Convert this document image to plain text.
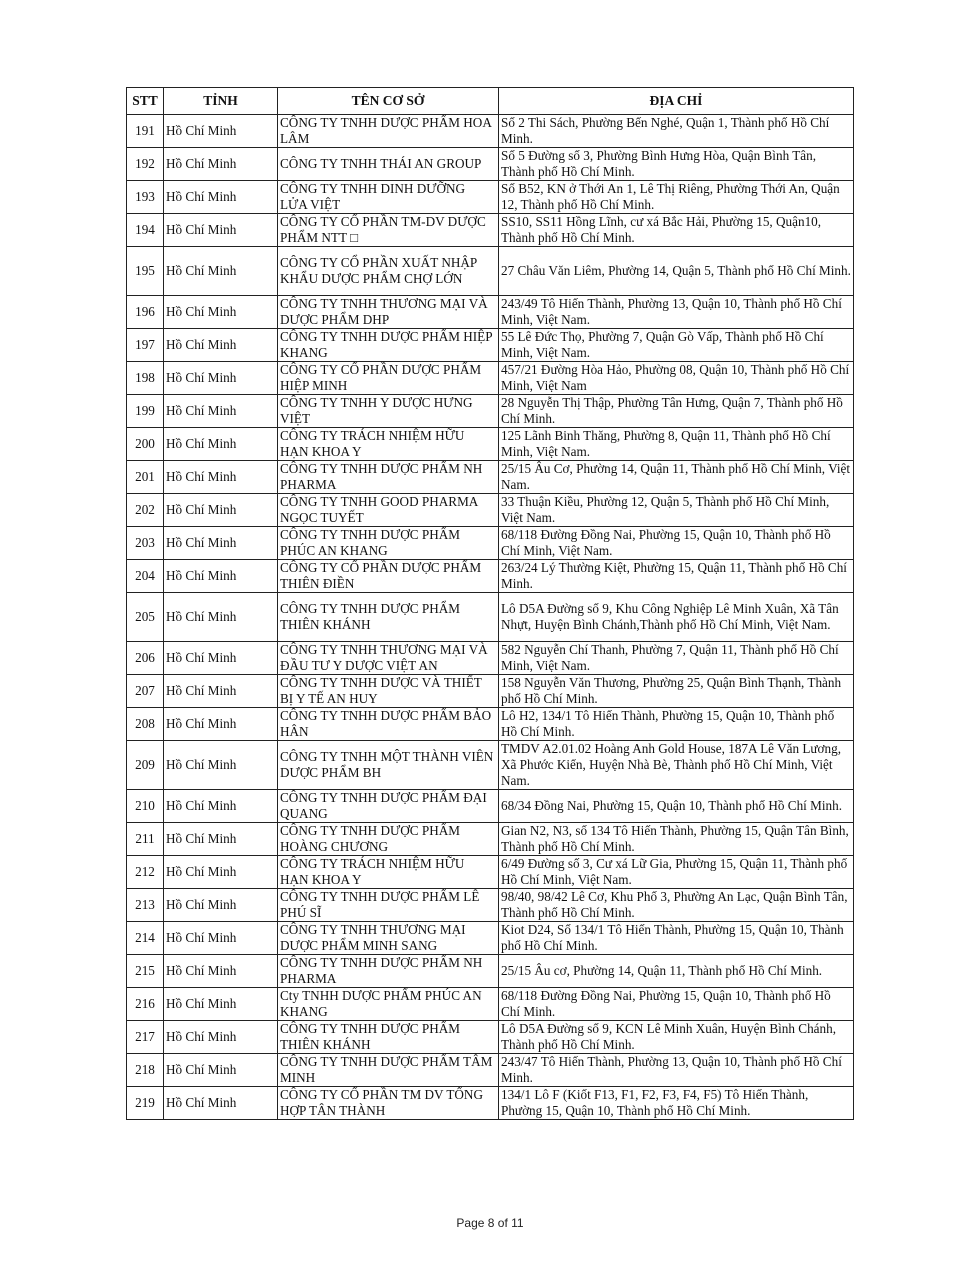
STT	TỈNH	TÊN CƠ SỞ	ĐỊA CHỈ
191	Hồ Chí Minh	CÔNG TY TNHH DƯỢC PHẨM HOA LÂM	Số 2 Thi Sách, Phường Bến Nghé, Quận 1, Thành phố Hồ Chí Minh.
192	Hồ Chí Minh	CÔNG TY TNHH THÁI AN GROUP	Số 5 Đường số 3, Phường Bình Hưng Hòa, Quận Bình Tân, Thành phố Hồ Chí Minh.
193	Hồ Chí Minh	CÔNG TY TNHH DINH DƯỠNG LỬA VIỆT	Số B52, KN ở Thới An 1, Lê Thị Riêng, Phường Thới An, Quận 12, Thành phố Hồ Chí Minh.
194	Hồ Chí Minh	CÔNG TY CỔ PHẦN TM-DV DƯỢC PHẨM NTT □	SS10, SS11 Hồng Lĩnh, cư xá Bắc Hải, Phường 15, Quận10, Thành phố Hồ Chí Minh.
195	Hồ Chí Minh	CÔNG TY CỔ PHẦN XUẤT NHẬP KHẨU DƯỢC PHẨM CHỢ LỚN	27 Châu Văn Liêm, Phường 14, Quận 5, Thành phố Hồ Chí Minh.
196	Hồ Chí Minh	CÔNG TY TNHH THƯƠNG MẠI VÀ DƯỢC PHẨM DHP	243/49 Tô Hiến Thành, Phường 13, Quận 10, Thành phố Hồ Chí Minh, Việt Nam.
197	Hồ Chí Minh	CÔNG TY TNHH DƯỢC PHẨM HIỆP KHANG	55 Lê Đức Thọ, Phường 7, Quận Gò Vấp, Thành phố Hồ Chí Minh, Việt Nam.
198	Hồ Chí Minh	CÔNG TY CỔ PHẦN DƯỢC PHẨM HIỆP MINH	457/21 Đường Hòa Hảo, Phường 08, Quận 10, Thành phố Hồ Chí Minh, Việt Nam
199	Hồ Chí Minh	CÔNG TY TNHH Y DƯỢC HƯNG VIỆT	28 Nguyễn Thị Thập, Phường Tân Hưng, Quận 7, Thành phố Hồ Chí Minh.
200	Hồ Chí Minh	CÔNG TY TRÁCH NHIỆM HỮU HẠN KHOA Y	125 Lãnh Binh Thăng, Phường 8, Quận 11, Thành phố Hồ Chí Minh, Việt Nam.
201	Hồ Chí Minh	CÔNG TY TNHH DƯỢC PHẨM NH PHARMA	25/15 Âu Cơ, Phường 14, Quận 11, Thành phố Hồ Chí Minh, Việt Nam.
202	Hồ Chí Minh	CÔNG TY TNHH GOOD PHARMA NGỌC TUYẾT	33 Thuận Kiều, Phường 12, Quận 5, Thành phố Hồ Chí Minh, Việt Nam.
203	Hồ Chí Minh	CÔNG TY TNHH DƯỢC PHẨM PHÚC AN KHANG	68/118 Đường Đồng Nai, Phường 15, Quận 10, Thành phố Hồ Chí Minh, Việt Nam.
204	Hồ Chí Minh	CÔNG TY CỔ PHẦN DƯỢC PHẨM THIÊN ĐIỀN	263/24 Lý Thường Kiệt, Phường 15, Quận 11, Thành phố Hồ Chí Minh.
205	Hồ Chí Minh	CÔNG TY TNHH DƯỢC PHẨM THIÊN KHÁNH	Lô D5A Đường số 9, Khu Công Nghiệp Lê Minh Xuân, Xã Tân Nhựt, Huyện Bình Chánh,Thành phố Hồ Chí Minh, Việt Nam.
206	Hồ Chí Minh	CÔNG TY TNHH THƯƠNG MẠI VÀ ĐẦU TƯ Y DƯỢC VIỆT AN	582 Nguyễn Chí Thanh, Phường 7, Quận 11, Thành phố Hồ Chí Minh, Việt Nam.
207	Hồ Chí Minh	CÔNG TY TNHH DƯỢC VÀ THIẾT BỊ Y TẾ AN HUY	158 Nguyễn Văn Thương, Phường 25, Quận Bình Thạnh, Thành phố Hồ Chí Minh.
208	Hồ Chí Minh	CÔNG TY TNHH DƯỢC PHẨM BẢO HÂN	Lô H2, 134/1 Tô Hiến Thành, Phường 15, Quận 10, Thành phố Hồ Chí Minh.
209	Hồ Chí Minh	CÔNG TY TNHH MỘT THÀNH VIÊN DƯỢC PHẨM BH	TMDV A2.01.02 Hoàng Anh Gold House, 187A Lê Văn Lương, Xã Phước Kiển, Huyện Nhà Bè, Thành phố Hồ Chí Minh, Việt Nam.
210	Hồ Chí Minh	CÔNG TY TNHH DƯỢC PHẨM ĐẠI QUANG	68/34 Đồng Nai, Phường 15, Quận 10, Thành phố Hồ Chí Minh.
211	Hồ Chí Minh	CÔNG TY TNHH DƯỢC PHẨM HOÀNG CHƯƠNG	Gian N2, N3, số 134 Tô Hiến Thành, Phường 15, Quận Tân Bình, Thành phố Hồ Chí Minh.
212	Hồ Chí Minh	CÔNG TY TRÁCH NHIỆM HỮU HẠN KHOA Y	6/49 Đường số 3, Cư xá Lữ Gia, Phường 15, Quận 11, Thành phố Hồ Chí Minh, Việt Nam.
213	Hồ Chí Minh	CÔNG TY TNHH DƯỢC PHẨM LÊ PHÚ SĨ	98/40, 98/42 Lê Cơ, Khu Phố 3, Phường An Lạc, Quận Bình Tân, Thành phố Hồ Chí Minh.
214	Hồ Chí Minh	CÔNG TY TNHH THƯƠNG MẠI DƯỢC PHẨM MINH SANG	Kiot D24, Số 134/1 Tô Hiến Thành, Phường 15, Quận 10, Thành phố Hồ Chí Minh.
215	Hồ Chí Minh	CÔNG TY TNHH DƯỢC PHẨM NH PHARMA	25/15 Âu cơ, Phường 14, Quận 11, Thành phố Hồ Chí Minh.
216	Hồ Chí Minh	Cty TNHH DƯỢC PHẨM PHÚC AN KHANG	68/118 Đường Đồng Nai, Phường 15, Quận 10, Thành phố Hồ Chí Minh.
217	Hồ Chí Minh	CÔNG TY TNHH DƯỢC PHẨM THIÊN KHÁNH	Lô D5A Đường số 9, KCN Lê Minh Xuân, Huyện Bình Chánh, Thành phố Hồ Chí Minh.
218	Hồ Chí Minh	CÔNG TY TNHH DƯỢC PHẨM TÂM MINH	243/47 Tô Hiến Thành, Phường 13, Quận 10, Thành phố Hồ Chí Minh.
219	Hồ Chí Minh	CÔNG TY CỔ PHẦN TM DV TỔNG HỢP TÂN THÀNH	134/1 Lô F (Kiốt F13, F1, F2, F3, F4, F5) Tô Hiến Thành, Phường 15, Quận 10, Thành phố Hồ Chí Minh.
Page 8 of 11
